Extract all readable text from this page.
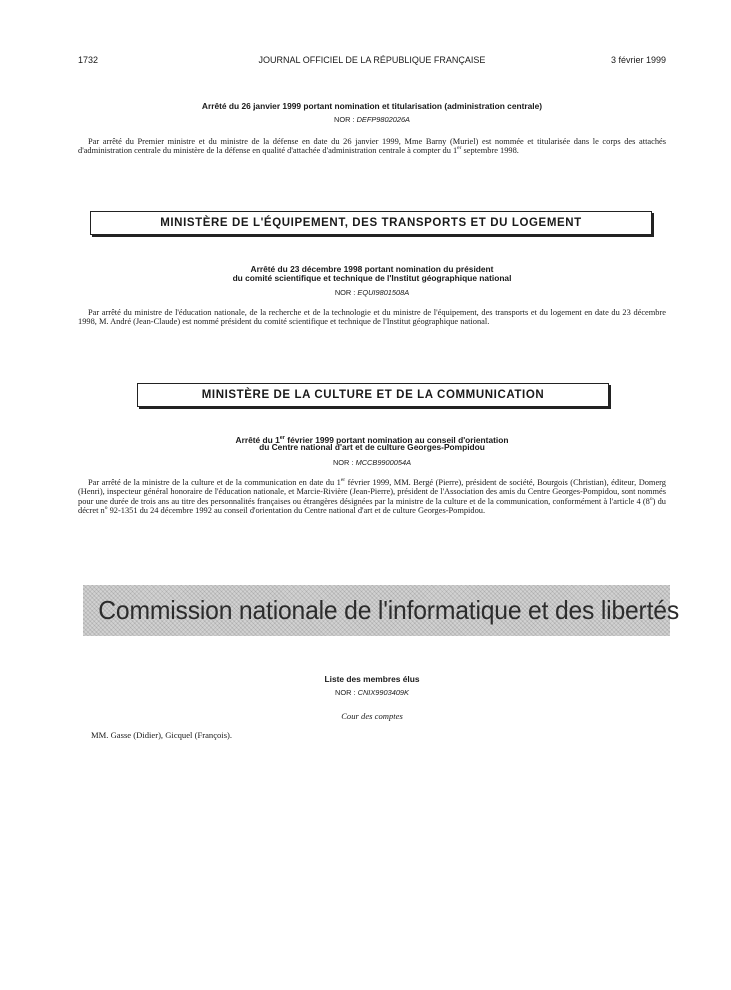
1732	JOURNAL OFFICIEL DE LA RÉPUBLIQUE FRANÇAISE	3 février 1999
Arrêté du 26 janvier 1999 portant nomination et titularisation (administration centrale)
NOR : DEFP9802026A

Par arrêté du Premier ministre et du ministre de la défense en date du 26 janvier 1999, Mme Barny (Muriel) est nommée et titularisée dans le corps des attachés d'administration centrale du ministère de la défense en qualité d'attachée d'administration centrale à compter du 1er septembre 1998.

MINISTÈRE DE L'ÉQUIPEMENT, DES TRANSPORTS ET DU LOGEMENT
Arrêté du 23 décembre 1998 portant nomination du président
du comité scientifique et technique de l'Institut géographique national
NOR : EQUI9801508A

Par arrêté du ministre de l'éducation nationale, de la recherche et de la technologie et du ministre de l'équipement, des transports et du logement en date du 23 décembre 1998, M. André (Jean-Claude) est nommé président du comité scientifique et technique de l'Institut géographique national.

MINISTÈRE DE LA CULTURE ET DE LA COMMUNICATION
Arrêté du 1er février 1999 portant nomination au conseil d'orientation
du Centre national d'art et de culture Georges-Pompidou
NOR : MCCB9900054A

Par arrêté de la ministre de la culture et de la communication en date du 1er février 1999, MM. Bergé (Pierre), président de société, Bourgois (Christian), éditeur, Domerg (Henri), inspecteur général honoraire de l'éducation nationale, et Marcie-Rivière (Jean-Pierre), président de l'Association des amis du Centre Georges-Pompidou, sont nommés pour une durée de trois ans au titre des personnalités françaises ou étrangères désignées par la ministre de la culture et de la communication, conformément à l'article 4 (8$^o$) du décret $n^o$ 92-1351 du 24 décembre 1992 au conseil d'orientation du Centre national d'art et de culture Georges-Pompidou.

Commission nationale de l'informatique et des libertés
Liste des membres élus
NOR : CNIX9903409K
Cour des comptes
MM. Gasse (Didier), Gicquel (François).
